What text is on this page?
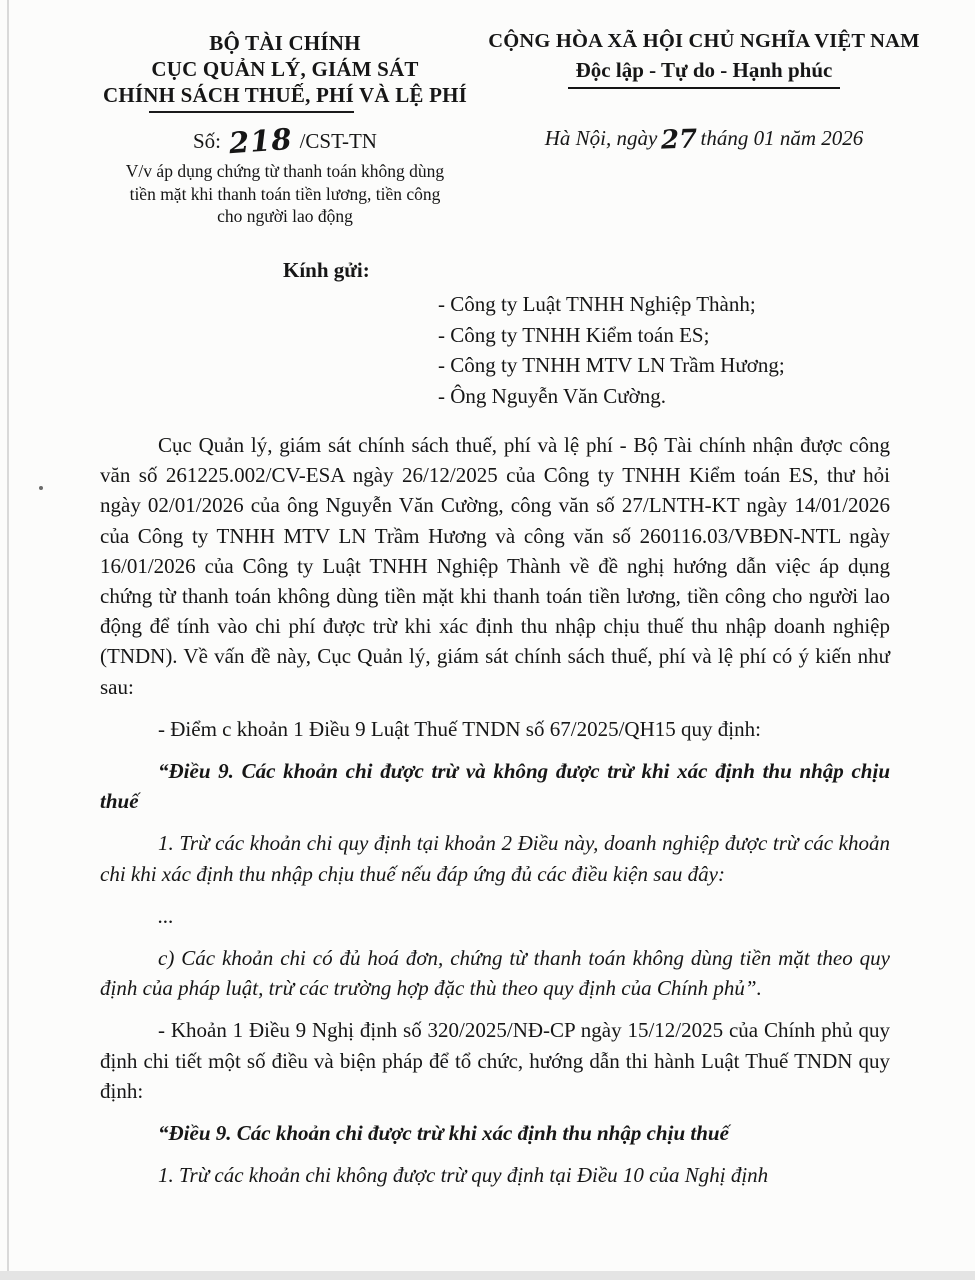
BỘ TÀI CHÍNH
CỤC QUẢN LÝ, GIÁM SÁT
CHÍNH SÁCH THUẾ, PHÍ VÀ LỆ PHÍ
Số: 218 /CST-TN
V/v áp dụng chứng từ thanh toán không dùng
tiền mặt khi thanh toán tiền lương, tiền công
cho người lao động
CỘNG HÒA XÃ HỘI CHỦ NGHĨA VIỆT NAM
Độc lập - Tự do - Hạnh phúc
Hà Nội, ngày 27 tháng 01 năm 2026
Kính gửi:
- Công ty Luật TNHH Nghiệp Thành;
- Công ty TNHH Kiểm toán ES;
- Công ty TNHH MTV LN Trầm Hương;
- Ông Nguyễn Văn Cường.

Cục Quản lý, giám sát chính sách thuế, phí và lệ phí - Bộ Tài chính nhận được công văn số 261225.002/CV-ESA ngày 26/12/2025 của Công ty TNHH Kiểm toán ES, thư hỏi ngày 02/01/2026 của ông Nguyễn Văn Cường, công văn số 27/LNTH-KT ngày 14/01/2026 của Công ty TNHH MTV LN Trầm Hương và công văn số 260116.03/VBĐN-NTL ngày 16/01/2026 của Công ty Luật TNHH Nghiệp Thành về đề nghị hướng dẫn việc áp dụng chứng từ thanh toán không dùng tiền mặt khi thanh toán tiền lương, tiền công cho người lao động để tính vào chi phí được trừ khi xác định thu nhập chịu thuế thu nhập doanh nghiệp (TNDN). Về vấn đề này, Cục Quản lý, giám sát chính sách thuế, phí và lệ phí có ý kiến như sau:

- Điểm c khoản 1 Điều 9 Luật Thuế TNDN số 67/2025/QH15 quy định:

“Điều 9. Các khoản chi được trừ và không được trừ khi xác định thu nhập chịu thuế

1. Trừ các khoản chi quy định tại khoản 2 Điều này, doanh nghiệp được trừ các khoản chi khi xác định thu nhập chịu thuế nếu đáp ứng đủ các điều kiện sau đây:

...

c) Các khoản chi có đủ hoá đơn, chứng từ thanh toán không dùng tiền mặt theo quy định của pháp luật, trừ các trường hợp đặc thù theo quy định của Chính phủ”.

- Khoản 1 Điều 9 Nghị định số 320/2025/NĐ-CP ngày 15/12/2025 của Chính phủ quy định chi tiết một số điều và biện pháp để tổ chức, hướng dẫn thi hành Luật Thuế TNDN quy định:

“Điều 9. Các khoản chi được trừ khi xác định thu nhập chịu thuế

1. Trừ các khoản chi không được trừ quy định tại Điều 10 của Nghị định
